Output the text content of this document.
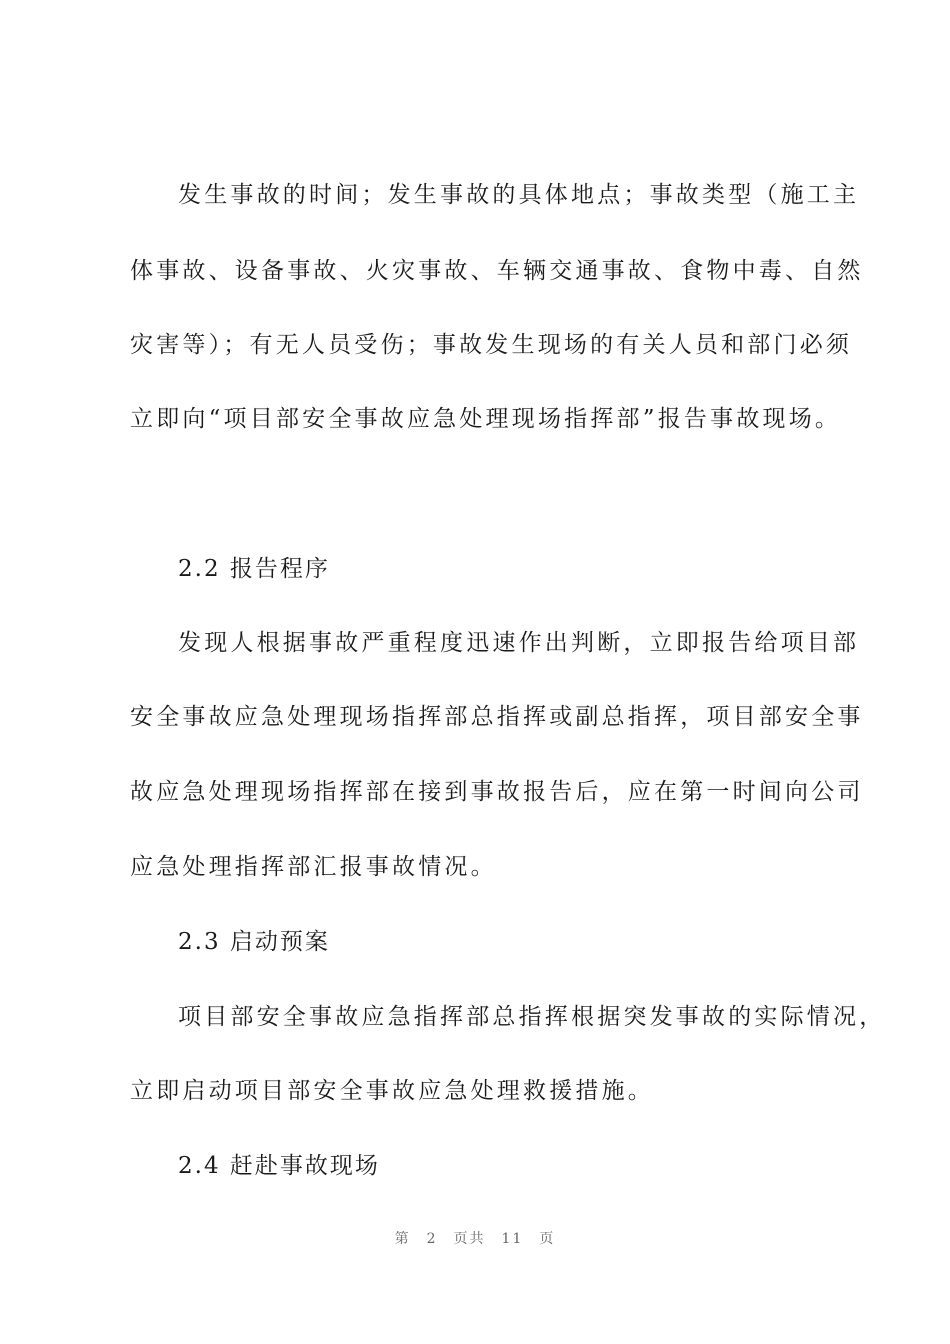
发生事故的时间；发生事故的具体地点；事故类型（施工主
体事故、设备事故、火灾事故、车辆交通事故、食物中毒、自然
灾害等）；有无人员受伤；事故发生现场的有关人员和部门必须
立即向“项目部安全事故应急处理现场指挥部”报告事故现场。
2.2 报告程序
发现人根据事故严重程度迅速作出判断，立即报告给项目部
安全事故应急处理现场指挥部总指挥或副总指挥，项目部安全事
故应急处理现场指挥部在接到事故报告后，应在第一时间向公司
应急处理指挥部汇报事故情况。
2.3 启动预案
项目部安全事故应急指挥部总指挥根据突发事故的实际情况，
立即启动项目部安全事故应急处理救援措施。
2.4 赶赴事故现场
第 2 页共 11 页
